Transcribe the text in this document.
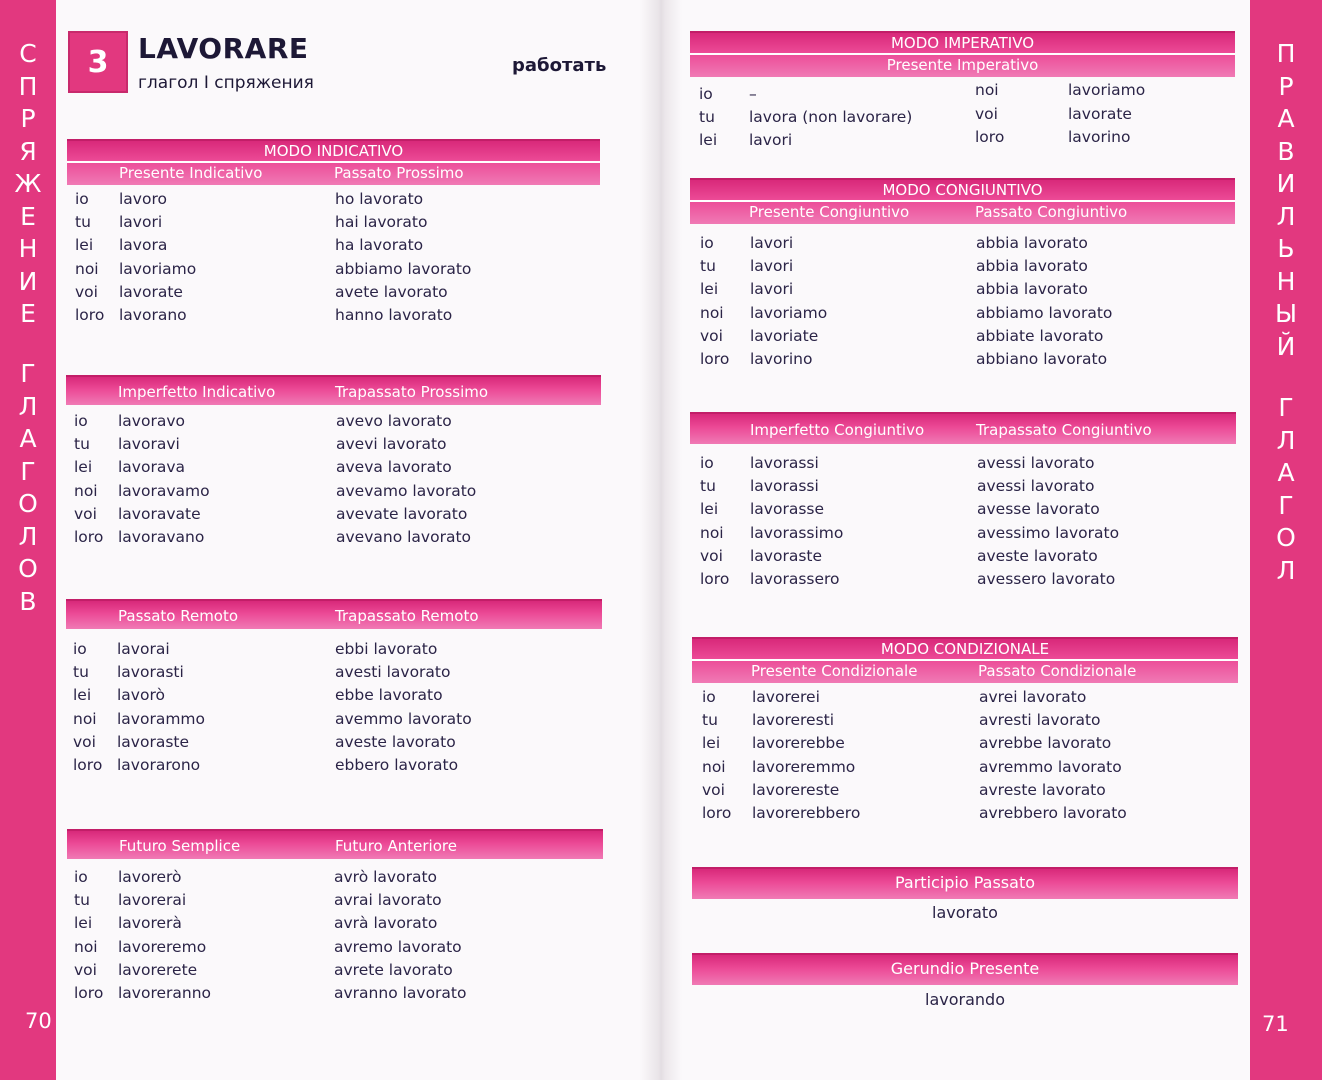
С
П
Р
Я
Ж
Е
Н
И
Е
Г
Л
А
Г
О
Л
О
В
70
П
Р
А
В
И
Л
Ь
Н
Ы
Й
Г
Л
А
Г
О
Л
71
3	LAVORARE
глагол I спряжения
работать
MODO INDICATIVO
Presente Indicativo	Passato Prossimo
io lavoro	ho lavorato
tu lavori	hai lavorato
lei lavora	ha lavorato
noi lavoriamo	abbiamo lavorato
voi lavorate	avete lavorato
loro lavorano	hanno lavorato
Imperfetto Indicativo	Trapassato Prossimo
io lavoravo	avevo lavorato
tu lavoravi	avevi lavorato
lei lavorava	aveva lavorato
noi lavoravamo	avevamo lavorato
voi lavoravate	avevate lavorato
loro lavoravano	avevano lavorato
Passato Remoto	Trapassato Remoto
io lavorai	ebbi lavorato
tu lavorasti	avesti lavorato
lei lavorò	ebbe lavorato
noi lavorammo	avemmo lavorato
voi lavoraste	aveste lavorato
loro lavorarono	ebbero lavorato
Futuro Semplice	Futuro Anteriore
io lavorerò	avrò lavorato
tu lavorerai	avrai lavorato
lei lavorerà	avrà lavorato
noi lavoreremo	avremo lavorato
voi lavorerete	avrete lavorato
loro lavoreranno	avranno lavorato
MODO IMPERATIVO
Presente Imperativo
io –
tu lavora (non lavorare)
lei lavori
noi	lavoriamo
voi	lavorate
loro	lavorino
MODO CONGIUNTIVO
Presente Congiuntivo	Passato Congiuntivo
io lavori	abbia lavorato
tu lavori	abbia lavorato
lei lavori	abbia lavorato
noi lavoriamo	abbiamo lavorato
voi lavoriate	abbiate lavorato
loro lavorino	abbiano lavorato
Imperfetto Congiuntivo	Trapassato Congiuntivo
io lavorassi	avessi lavorato
tu lavorassi	avessi lavorato
lei lavorasse	avesse lavorato
noi lavorassimo	avessimo lavorato
voi lavoraste	aveste lavorato
loro lavorassero	avessero lavorato
MODO CONDIZIONALE
Presente Condizionale	Passato Condizionale
io lavorerei	avrei lavorato
tu lavoreresti	avresti lavorato
lei lavorerebbe	avrebbe lavorato
noi lavoreremmo	avremmo lavorato
voi lavorereste	avreste lavorato
loro lavorerebbero	avrebbero lavorato
Participio Passato
lavorato
Gerundio Presente
lavorando
